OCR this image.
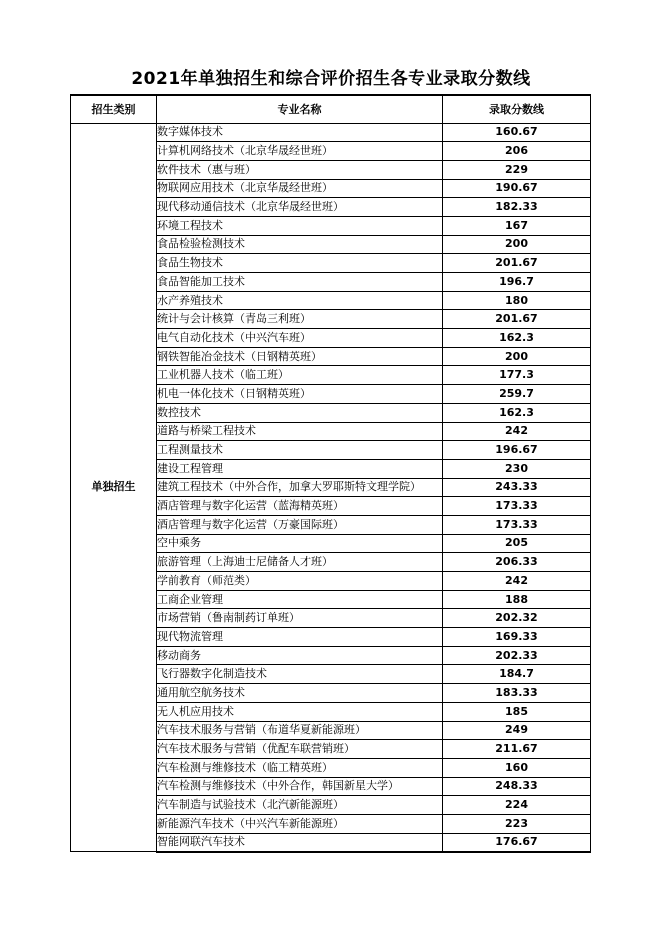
2021年单独招生和综合评价招生各专业录取分数线
招生类别	专业名称	录取分数线
单独招生	数字媒体技术	160.67
	计算机网络技术（北京华晟经世班）	206
	软件技术（惠与班）	229
	物联网应用技术（北京华晟经世班）	190.67
	现代移动通信技术（北京华晟经世班）	182.33
	环境工程技术	167
	食品检验检测技术	200
	食品生物技术	201.67
	食品智能加工技术	196.7
	水产养殖技术	180
	统计与会计核算（青岛三利班）	201.67
	电气自动化技术（中兴汽车班）	162.3
	钢铁智能冶金技术（日钢精英班）	200
	工业机器人技术（临工班）	177.3
	机电一体化技术（日钢精英班）	259.7
	数控技术	162.3
	道路与桥梁工程技术	242
	工程测量技术	196.67
	建设工程管理	230
	建筑工程技术（中外合作，加拿大罗耶斯特文理学院）	243.33
	酒店管理与数字化运营（蓝海精英班）	173.33
	酒店管理与数字化运营（万豪国际班）	173.33
	空中乘务	205
	旅游管理（上海迪士尼储备人才班）	206.33
	学前教育（师范类）	242
	工商企业管理	188
	市场营销（鲁南制药订单班）	202.32
	现代物流管理	169.33
	移动商务	202.33
	飞行器数字化制造技术	184.7
	通用航空航务技术	183.33
	无人机应用技术	185
	汽车技术服务与营销（布道华夏新能源班）	249
	汽车技术服务与营销（优配车联营销班）	211.67
	汽车检测与维修技术（临工精英班）	160
	汽车检测与维修技术（中外合作，韩国新星大学）	248.33
	汽车制造与试验技术（北汽新能源班）	224
	新能源汽车技术（中兴汽车新能源班）	223
	智能网联汽车技术	176.67
